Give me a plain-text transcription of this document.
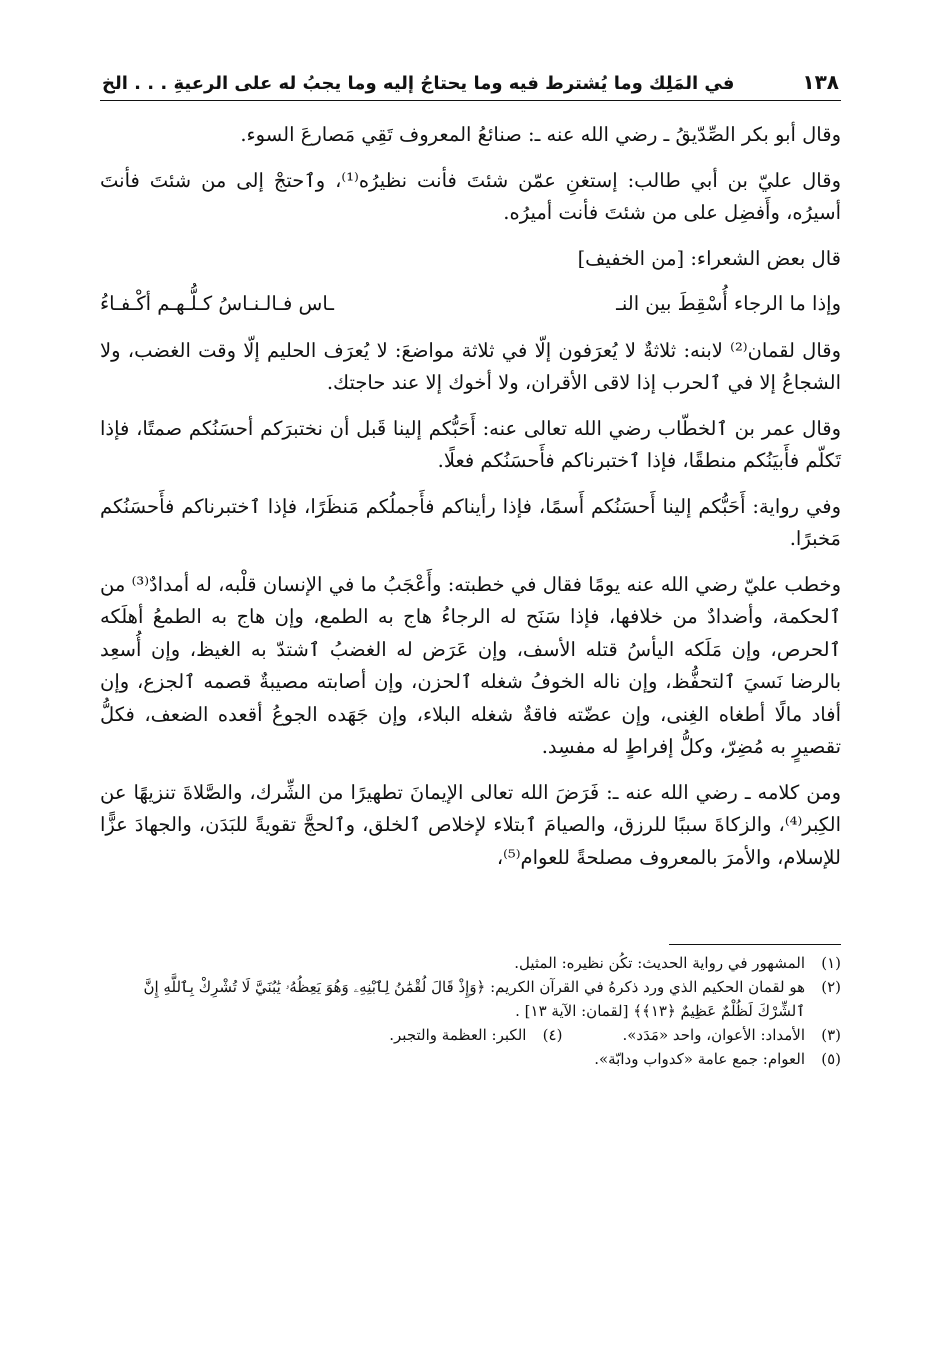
١٣٨
في المَلِك وما يُشترط فيه وما يحتاجُ إليه وما يجبُ له على الرعيةِ . . . الخ

وقال أبو بكر الصِّدّيقُ ـ رضي الله عنه ـ: صنائعُ المعروف تَقِي مَصارعَ السوء.

وقال عليّ بن أبي طالب: إستغنِ عمّن شئتَ فأنت نظيرُه⁽¹⁾، وٱحتجْ إلى من شئتَ فأنتَ أسيرُه، وأَفضِل على من شئتَ فأنت أميرُه.

قال بعض الشعراء: [من الخفيف]

وإذا ما الرجاء أُسْقِطَ بين النـ
ـاس فـالـنـاسُ كـلُّـهـم أكْـفـاءُ

وقال لقمان⁽²⁾ لابنه: ثلاثةٌ لا يُعرَفون إلّا في ثلاثة مواضعَ: لا يُعرَف الحليم إلّا وقت الغضب، ولا الشجاعُ إلا في ٱلحرب إذا لاقى الأقران، ولا أخوك إلا عند حاجتك.

وقال عمر بن ٱلخطّاب رضي الله تعالى عنه: أَحَبُّكم إلينا قَبل أن نختبرَكم أحسَنُكم صمتًا، فإذا تَكلّم فأَبيَنُكم منطقًا، فإذا ٱختبرناكم فأَحسَنُكم فعلًا.

وفي رواية: أَحَبُّكم إلينا أَحسَنُكم أَسمًا، فإذا رأيناكم فأَجملُكم مَنظَرًا، فإذا ٱختبرناكم فأَحسَنُكم مَخبرًا.

وخطب عليّ رضي الله عنه يومًا فقال في خطبته: وأَعْجَبُ ما في الإنسان قلْبه، له أمدادٌ⁽³⁾ من ٱلحكمة، وأضدادٌ من خلافها، فإذا سَنَح له الرجاءُ هاج به الطمع، وإن هاج به الطمعُ أهلَكه ٱلحرص، وإن مَلَكه اليأسُ قتله الأسف، وإن عَرَض له الغضبُ ٱشتدّ به الغيظ، وإن أُسعِد بالرضا نَسيَ ٱلتحفُّظ، وإن ناله الخوفُ شغله ٱلحزن، وإن أصابته مصيبةٌ قصمه ٱلجزع، وإن أفاد مالًا أطغاه الغِنى، وإن عضّته فاقةٌ شغله البلاء، وإن جَهَده الجوعُ أقعده الضعف، فكلُّ تقصيرٍ به مُضِرّ، وكلُّ إفراطٍ له مفسِد.

ومن كلامه ـ رضي الله عنه ـ: فَرَضَ الله تعالى الإيمانَ تطهيرًا من الشِّرك، والصَّلاةَ تنزيهًا عن الكِبر⁽⁴⁾، والزكاةَ سببًا للرزق، والصيامَ ٱبتلاء لإخلاص ٱلخلق، وٱلحجَّ تقويةً للبَدَن، والجهادَ عزًّا للإسلام، والأمرَ بالمعروف مصلحةً للعوام⁽⁵⁾،

(١)
المشهور في رواية الحديث: تكُن نظيره: المثيل.
(٢)
هو لقمان الحكيم الذي ورد ذكرهُ في القرآن الكريم: ﴿وَإِذْ قَالَ لُقْمَٰنُ لِٱبْنِهِۦ وَهُوَ يَعِظُهُۥ يَٰبُنَيَّ لَا تُشْرِكْ بِٱللَّهِ إِنَّ ٱلشِّرْكَ لَظُلْمٌ عَظِيمٌ ﴿١٣﴾﴾ [لقمان: الآية ١٣] .
(٣)
الأمداد: الأعوان، واحد «مَدَد».
(٤)
الكبر: العظمة والتجبر.
(٥)
العوام: جمع عامة «كدواب ودابّة».
